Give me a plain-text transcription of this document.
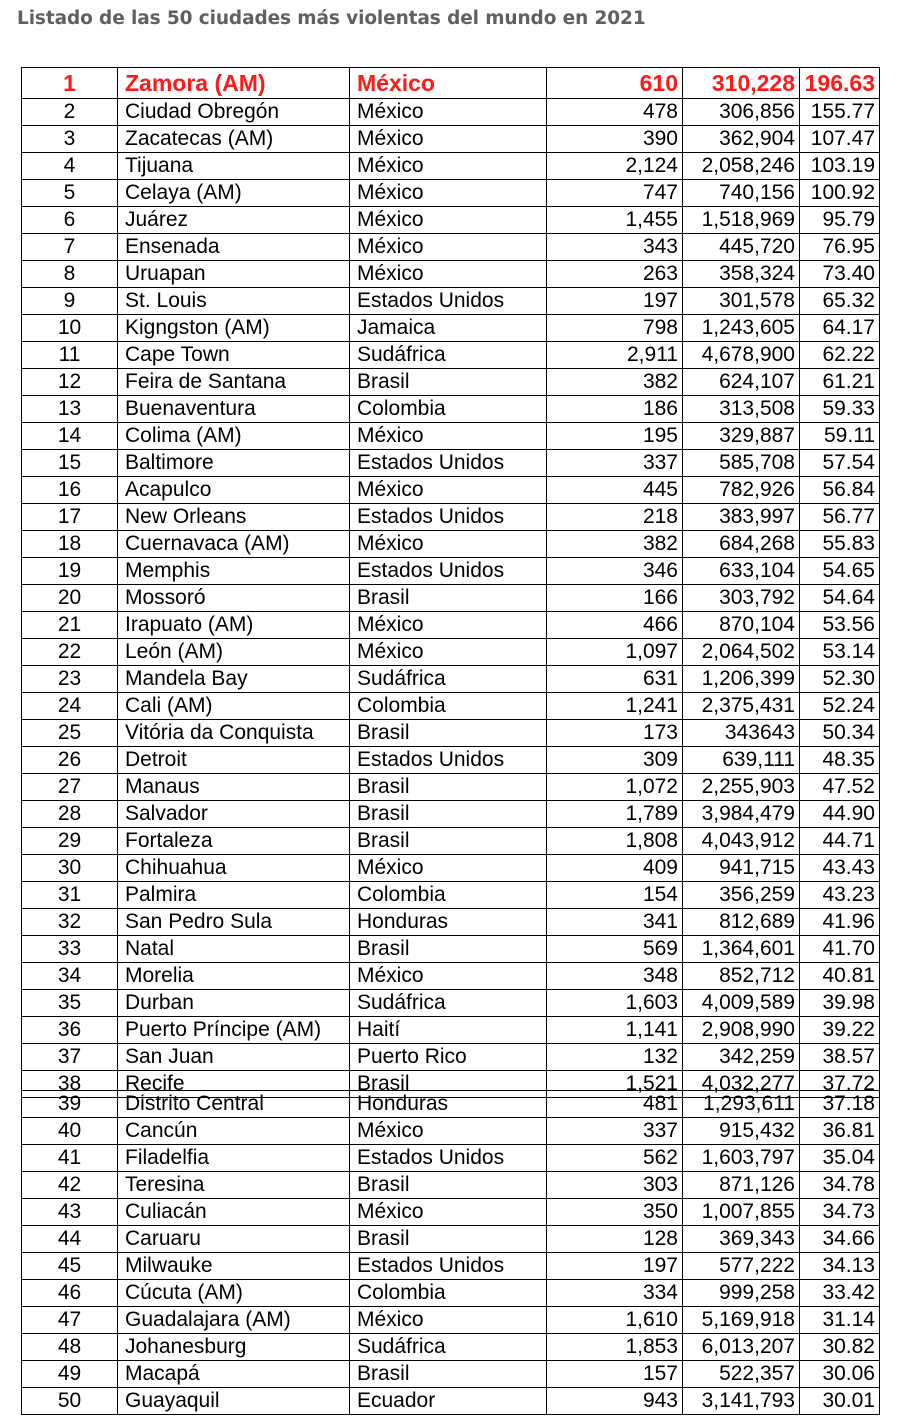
Listado de las 50 ciudades más violentas del mundo en 2021
1	Zamora (AM)	México	610	310,228	196.63
2	Ciudad Obregón	México	478	306,856	155.77
3	Zacatecas (AM)	México	390	362,904	107.47
4	Tijuana	México	2,124	2,058,246	103.19
5	Celaya (AM)	México	747	740,156	100.92
6	Juárez	México	1,455	1,518,969	95.79
7	Ensenada	México	343	445,720	76.95
8	Uruapan	México	263	358,324	73.40
9	St. Louis	Estados Unidos	197	301,578	65.32
10	Kigngston (AM)	Jamaica	798	1,243,605	64.17
11	Cape Town	Sudáfrica	2,911	4,678,900	62.22
12	Feira de Santana	Brasil	382	624,107	61.21
13	Buenaventura	Colombia	186	313,508	59.33
14	Colima (AM)	México	195	329,887	59.11
15	Baltimore	Estados Unidos	337	585,708	57.54
16	Acapulco	México	445	782,926	56.84
17	New Orleans	Estados Unidos	218	383,997	56.77
18	Cuernavaca (AM)	México	382	684,268	55.83
19	Memphis	Estados Unidos	346	633,104	54.65
20	Mossoró	Brasil	166	303,792	54.64
21	Irapuato (AM)	México	466	870,104	53.56
22	León (AM)	México	1,097	2,064,502	53.14
23	Mandela Bay	Sudáfrica	631	1,206,399	52.30
24	Cali (AM)	Colombia	1,241	2,375,431	52.24
25	Vitória da Conquista	Brasil	173	343643	50.34
26	Detroit	Estados Unidos	309	639,111	48.35
27	Manaus	Brasil	1,072	2,255,903	47.52
28	Salvador	Brasil	1,789	3,984,479	44.90
29	Fortaleza	Brasil	1,808	4,043,912	44.71
30	Chihuahua	México	409	941,715	43.43
31	Palmira	Colombia	154	356,259	43.23
32	San Pedro Sula	Honduras	341	812,689	41.96
33	Natal	Brasil	569	1,364,601	41.70
34	Morelia	México	348	852,712	40.81
35	Durban	Sudáfrica	1,603	4,009,589	39.98
36	Puerto Príncipe (AM)	Haití	1,141	2,908,990	39.22
37	San Juan	Puerto Rico	132	342,259	38.57
38	Recife	Brasil	1,521	4,032,277	37.72
39	Distrito Central	Honduras	481	1,293,611	37.18
40	Cancún	México	337	915,432	36.81
41	Filadelfia	Estados Unidos	562	1,603,797	35.04
42	Teresina	Brasil	303	871,126	34.78
43	Culiacán	México	350	1,007,855	34.73
44	Caruaru	Brasil	128	369,343	34.66
45	Milwauke	Estados Unidos	197	577,222	34.13
46	Cúcuta (AM)	Colombia	334	999,258	33.42
47	Guadalajara (AM)	México	1,610	5,169,918	31.14
48	Johanesburg	Sudáfrica	1,853	6,013,207	30.82
49	Macapá	Brasil	157	522,357	30.06
50	Guayaquil	Ecuador	943	3,141,793	30.01
